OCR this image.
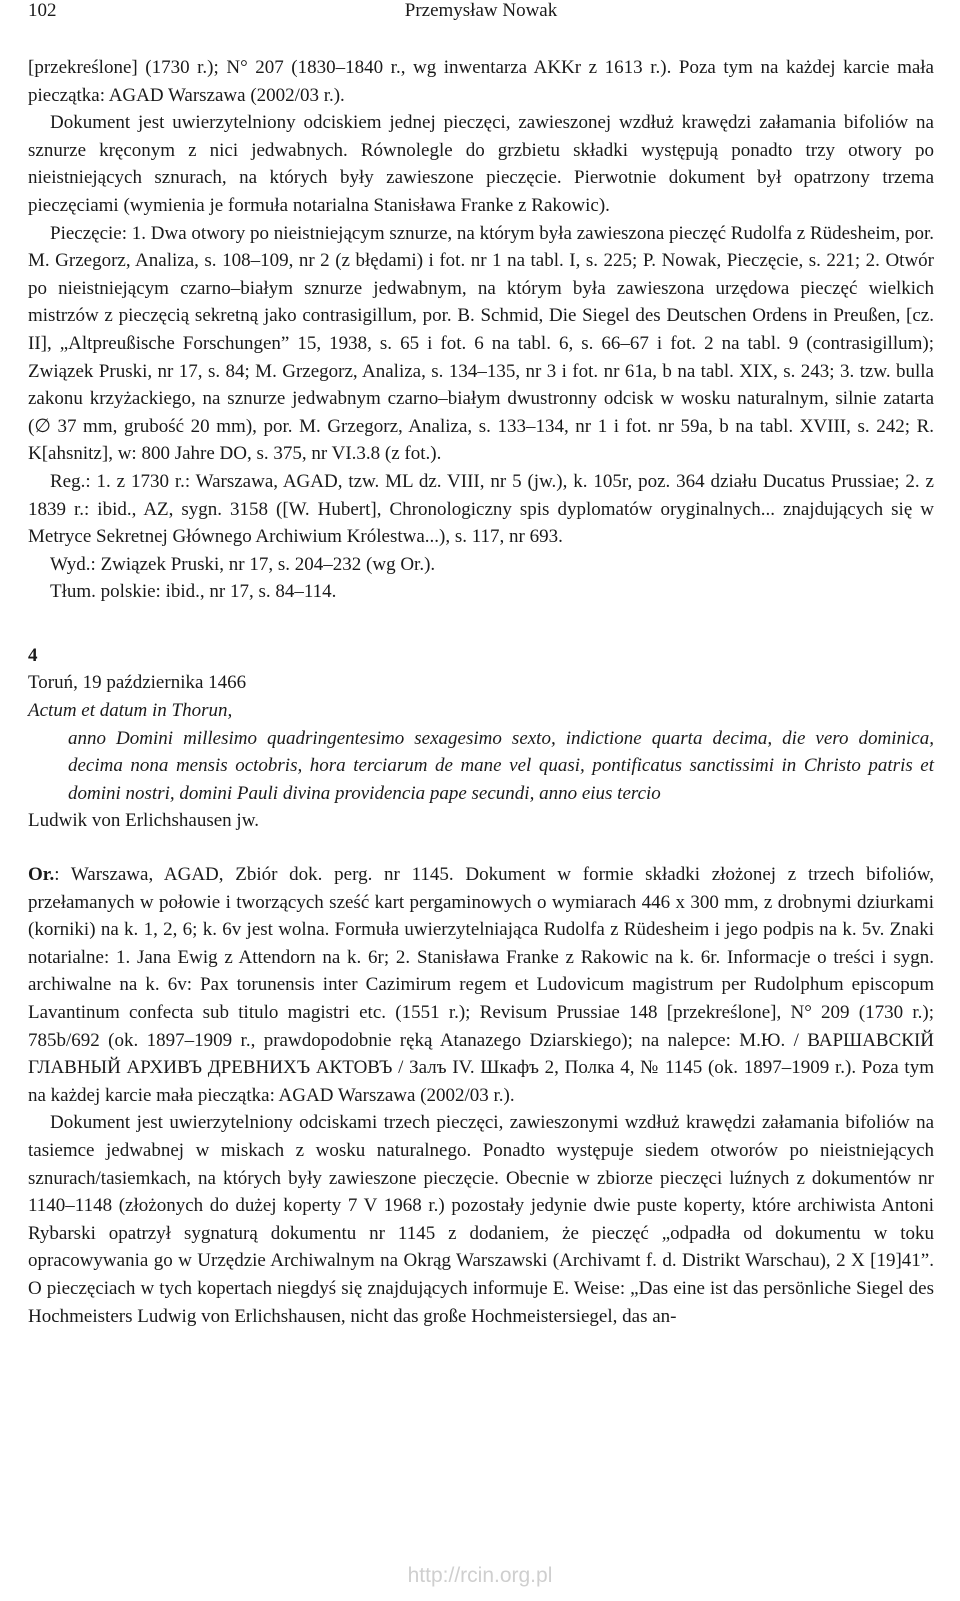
102	Przemysław Nowak

[przekreślone] (1730 r.); N° 207 (1830–1840 r., wg inwentarza AKKr z 1613 r.). Poza tym na każdej karcie mała pieczątka: AGAD Warszawa (2002/03 r.).

Dokument jest uwierzytelniony odciskiem jednej pieczęci, zawieszonej wzdłuż krawędzi załamania bifoliów na sznurze kręconym z nici jedwabnych. Równolegle do grzbietu składki występują ponadto trzy otwory po nieistniejących sznurach, na których były zawieszone pieczęcie. Pierwotnie dokument był opatrzony trzema pieczęciami (wymienia je formuła notarialna Stanisława Franke z Rakowic).

Pieczęcie: 1. Dwa otwory po nieistniejącym sznurze, na którym była zawieszona pieczęć Rudolfa z Rüdesheim, por. M. Grzegorz, Analiza, s. 108–109, nr 2 (z błędami) i fot. nr 1 na tabl. I, s. 225; P. Nowak, Pieczęcie, s. 221; 2. Otwór po nieistniejącym czarno–białym sznurze jedwabnym, na którym była zawieszona urzędowa pieczęć wielkich mistrzów z pieczęcią sekretną jako contrasigillum, por. B. Schmid, Die Siegel des Deutschen Ordens in Preußen, [cz. II], „Altpreußische Forschungen” 15, 1938, s. 65 i fot. 6 na tabl. 6, s. 66–67 i fot. 2 na tabl. 9 (contrasigillum); Związek Pruski, nr 17, s. 84; M. Grzegorz, Analiza, s. 134–135, nr 3 i fot. nr 61a, b na tabl. XIX, s. 243; 3. tzw. bulla zakonu krzyżackiego, na sznurze jedwabnym czarno–białym dwustronny odcisk w wosku naturalnym, silnie zatarta (∅ 37 mm, grubość 20 mm), por. M. Grzegorz, Analiza, s. 133–134, nr 1 i fot. nr 59a, b na tabl. XVIII, s. 242; R. K[ahsnitz], w: 800 Jahre DO, s. 375, nr VI.3.8 (z fot.).

Reg.: 1. z 1730 r.: Warszawa, AGAD, tzw. ML dz. VIII, nr 5 (jw.), k. 105r, poz. 364 działu Ducatus Prussiae; 2. z 1839 r.: ibid., AZ, sygn. 3158 ([W. Hubert], Chronologiczny spis dyplomatów oryginalnych... znajdujących się w Metryce Sekretnej Głównego Archiwium Królestwa...), s. 117, nr 693.

Wyd.: Związek Pruski, nr 17, s. 204–232 (wg Or.).

Tłum. polskie: ibid., nr 17, s. 84–114.

4

Toruń, 19 października 1466

Actum et datum in Thorun,

anno Domini millesimo quadringentesimo sexagesimo sexto, indictione quarta decima, die vero dominica, decima nona mensis octobris, hora terciarum de mane vel quasi, pontificatus sanctissimi in Christo patris et domini nostri, domini Pauli divina providencia pape secundi, anno eius tercio

Ludwik von Erlichshausen jw.

Or.: Warszawa, AGAD, Zbiór dok. perg. nr 1145. Dokument w formie składki złożonej z trzech bifoliów, przełamanych w połowie i tworzących sześć kart pergaminowych o wymiarach 446 x 300 mm, z drobnymi dziurkami (korniki) na k. 1, 2, 6; k. 6v jest wolna. Formuła uwierzytelniająca Rudolfa z Rüdesheim i jego podpis na k. 5v. Znaki notarialne: 1. Jana Ewig z Attendorn na k. 6r; 2. Stanisława Franke z Rakowic na k. 6r. Informacje o treści i sygn. archiwalne na k. 6v: Pax torunensis inter Cazimirum regem et Ludovicum magistrum per Rudolphum episcopum Lavantinum confecta sub titulo magistri etc. (1551 r.); Revisum Prussiae 148 [przekreślone], N° 209 (1730 r.); 785b/692 (ok. 1897–1909 r., prawdopodobnie ręką Atanazego Dziarskiego); na nalepce: М.Ю. / ВАРШАВСКІЙ ГЛАВНЫЙ АРХИВЪ ДРЕВНИХЪ АКТОВЪ / Залъ IV. Шкафъ 2, Полка 4, № 1145 (ok. 1897–1909 r.). Poza tym na każdej karcie mała pieczątka: AGAD Warszawa (2002/03 r.).

Dokument jest uwierzytelniony odciskami trzech pieczęci, zawieszonymi wzdłuż krawędzi załamania bifoliów na tasiemce jedwabnej w miskach z wosku naturalnego. Ponadto występuje siedem otworów po nieistniejących sznurach/tasiemkach, na których były zawieszone pieczęcie. Obecnie w zbiorze pieczęci luźnych z dokumentów nr 1140–1148 (złożonych do dużej koperty 7 V 1968 r.) pozostały jedynie dwie puste koperty, które archiwista Antoni Rybarski opatrzył sygnaturą dokumentu nr 1145 z dodaniem, że pieczęć „odpadła od dokumentu w toku opracowywania go w Urzędzie Archiwalnym na Okrąg Warszawski (Archivamt f. d. Distrikt Warschau), 2 X [19]41”. O pieczęciach w tych kopertach niegdyś się znajdujących informuje E. Weise: „Das eine ist das persönliche Siegel des Hochmeisters Ludwig von Erlichshausen, nicht das große Hochmeistersiegel, das an-

http://rcin.org.pl
